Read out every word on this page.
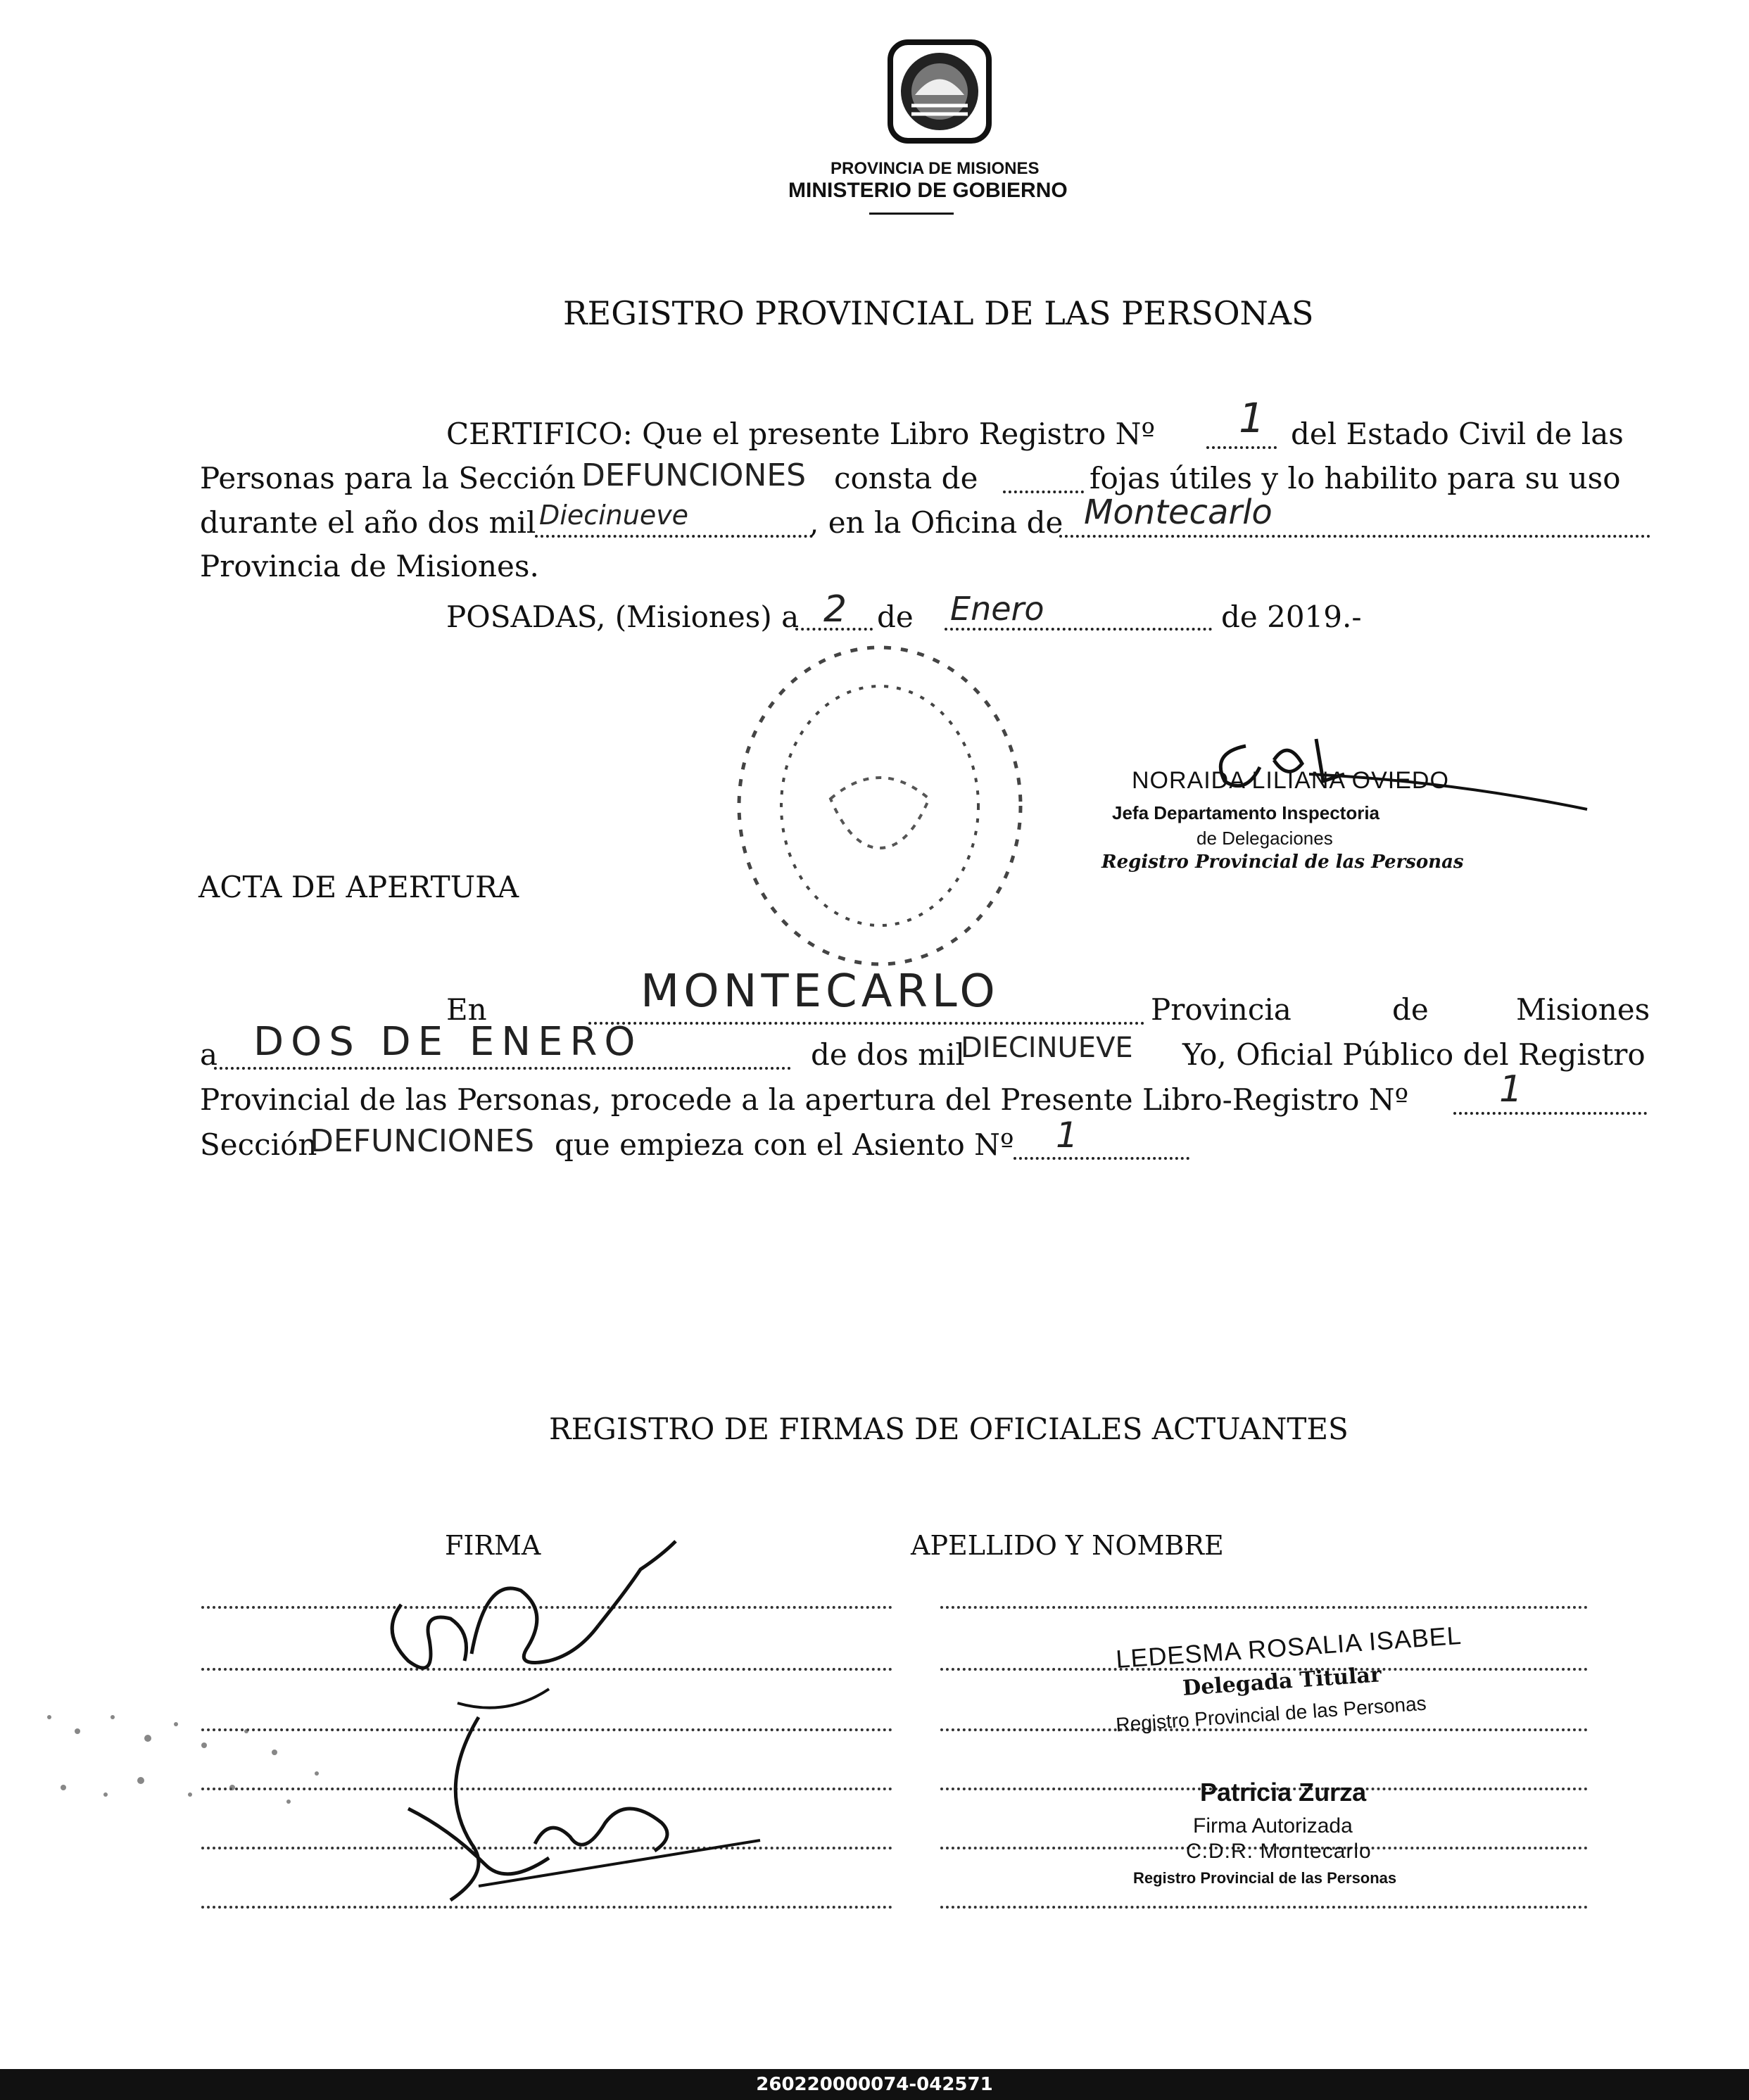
PROVINCIA DE MISIONES
MINISTERIO DE GOBIERNO
REGISTRO PROVINCIAL DE LAS PERSONAS
CERTIFICO: Que el presente Libro Registro Nº 1 del Estado Civil de las
Personas para la Sección DEFUNCIONES consta de	fojas útiles y lo habilito para su uso
durante el año dos mil Diecinueve	, en la Oficina de Montecarlo
Provincia de Misiones.
POSADAS, (Misiones) a 2 de Enero	de 2019.-
NORAIDA LILIANA OVIEDO
Jefa Departamento Inspectoria
de Delegaciones
Registro Provincial de las Personas
ACTA DE APERTURA
En	MONTECARLO	Provincia	de	Misiones
a DOS DE ENERO	de dos mil
DIECINUEVE Yo, Oficial Público del Registro
Provincial de las Personas, procede a la apertura del Presente Libro-Registro Nº 1
Sección
DEFUNCIONES que empieza con el Asiento Nº 1
REGISTRO DE FIRMAS DE OFICIALES ACTUANTES
FIRMA	APELLIDO Y NOMBRE
LEDESMA ROSALIA ISABEL
Delegada Titular
Registro Provincial de las Personas
Patricia Zurza
Firma Autorizada
C.D.R. Montecarlo
Registro Provincial de las Personas
260220000074-042571
